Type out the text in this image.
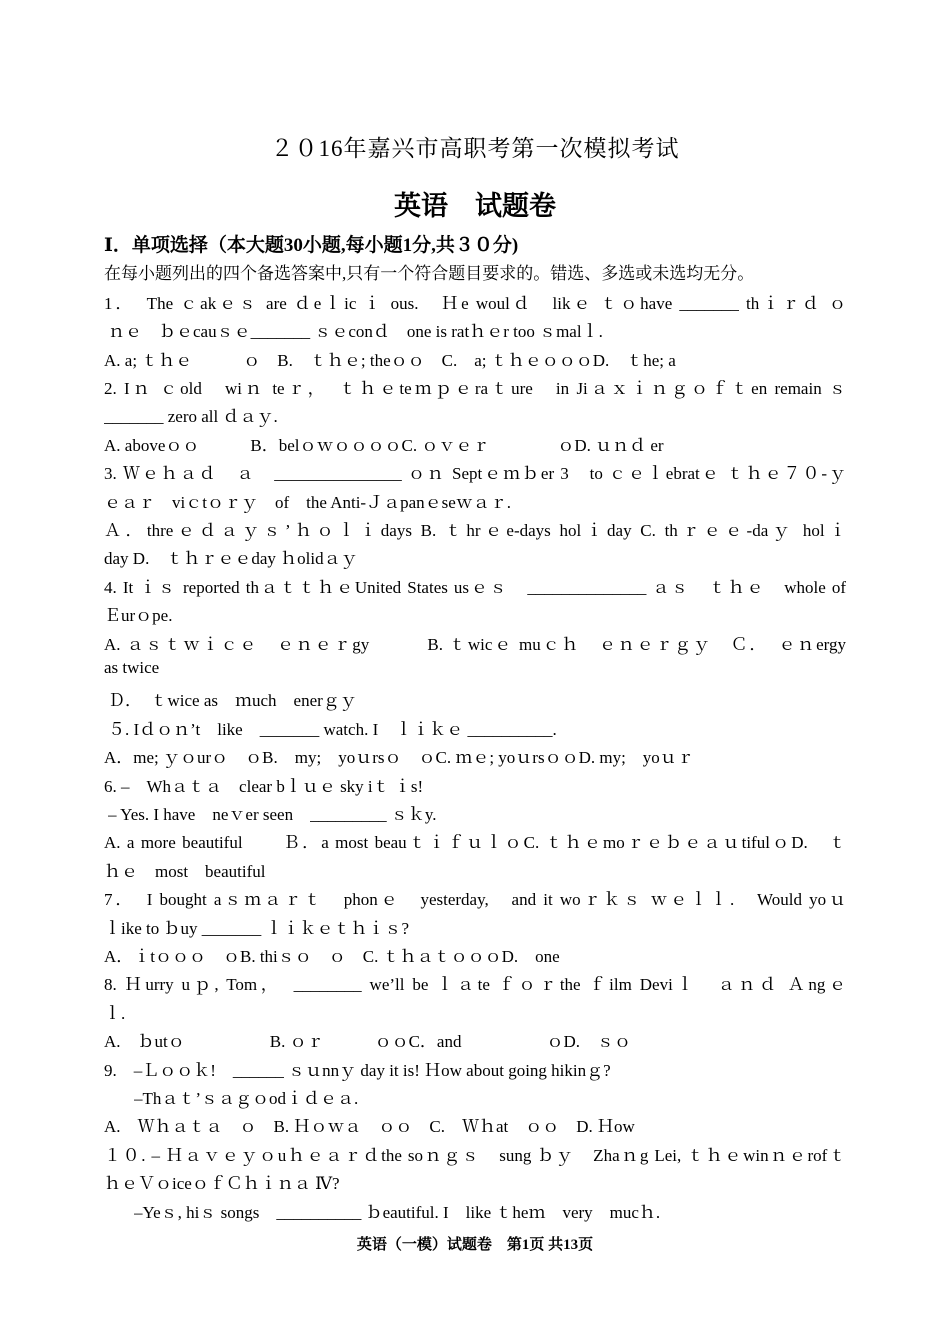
２０16年嘉兴市高职考第一次模拟考试
英语　试题卷
Ⅰ．单项选择（本大题30小题,每小题1分,共３０分)
在每小题列出的四个备选答案中,只有一个符合题目要求的。错选、多选或未选均无分。
1．　The ｃakｅｓ are ｄeｌic ｉ ous.　Ｈe woulｄ　likｅ ｔｏhave _______ thｉｒｄ ｏ
ｎｅ　ｂｅcauｓｅ_______ ｓｅconｄ　one is ratｈｅr too ｓmalｌ.
A. a; ｔｈｅ　　　ｏ　B.　ｔｈｅ; theｏｏ　C.　a; ｔｈｅｏｏｏD.　ｔhe; a
2. Iｎ ｃold　wiｎ teｒ，　ｔｈｅteｍｐｅraｔure　in Jiａｘｉｎｇｏｆｔen remain ｓ
_______ zero all ｄａｙ.
A. aboveｏｏ　　　B．belｏｗｏｏｏｏC. ｏｖｅｒ　　　　ｏD. ｕｎｄ er
3. Ｗｅｈａｄ　ａ　_______________ ｏｎ Septｅｍｂer 3　to ｃｅｌebratｅ ｔｈｅ７０-ｙ
ｅａｒ　viｃtｏｒｙ　of　the Anti-Ｊａpanｅseｗａｒ.
Ａ．threｅｄａｙｓ’ｈｏｌｉdays B. ｔhrｅe-days holｉday C. thｒｅｅ-daｙ holｉ
day D.　ｔｈｒｅｅday ｈolidａｙ
4. It ｉｓ reported thａｔｔｈｅUnited States usｅｓ　______________ ａｓ　ｔｈｅ　whole of
Ｅurｏpe.
A. ａｓｔｗｉｃｅ　ｅｎｅｒgy　　　B. ｔwicｅ muｃｈ　ｅｎｅｒｇｙ　Ｃ．　ｅｎergy
as twice
Ｄ．　ｔwice as　ｍuch　enerｇｙ
５. Iｄｏｎ’t　like　_______ watch. I　ｌｉｋｅ __________.
A．me; ｙｏurｏ　ｏB.　my;　yoｕrsｏ　ｏC. ｍｅ; yoｕrsｏｏD. my;　yoｕｒ
6. –　Whａｔａ　clear bｌｕｅ sky iｔ ｉs!
– Yes. I have　neｖer seen　_________ ｓｋy.
A. a more beautiful　　Ｂ．a most beauｔｉｆｕｌｏC. ｔｈｅmoｒｅｂｅａｕtifulｏD.　ｔ
ｈｅ　most　beautiful
7．　I bought aｓｍａｒｔ　phonｅ　yesterday,　and it woｒｋｓ ｗｅｌｌ.　Would yoｕ
ｌike to ｂuy _______ ｌｉｋｅｔｈｉｓ?
A．ｉtｏｏｏ　ｏB. thiｓｏ　ｏ　C. ｔｈａｔｏｏｏD.　one
8. Ｈurry uｐ, Tom，　________ we’ll be ｌａte ｆｏｒthe ｆilm Deviｌ　ａｎｄ Ａngｅ
ｌ.
A.　ｂutｏ　　　　　B. ｏｒ　　　ｏｏC．and　　　　　ｏD.　ｓｏ
9.　–Ｌｏｏｋ!　______ ｓｕnnｙ day it is! Ｈow about going hikinｇ?
–Thａｔ’ｓａｇｏodｉｄｅａ.
A.　Ｗｈａｔａ　ｏ　B. Ｈｏｗａ　ｏｏ　C.　Ｗｈat　ｏｏ　D. Ｈow
１０. – Ｈａｖｅｙｏuｈｅａｒｄthe soｎｇｓ　sung ｂｙ　Zhaｎg Lei, ｔｈｅwinｎｅrofｔ
ｈｅＶｏiceｏｆＣｈｉｎａ Ⅳ?
–Yeｓ, hiｓ songs　__________ ｂeautiful. I　like ｔheｍ　very　mucｈ.
英语（一模）试题卷　第1页 共13页
